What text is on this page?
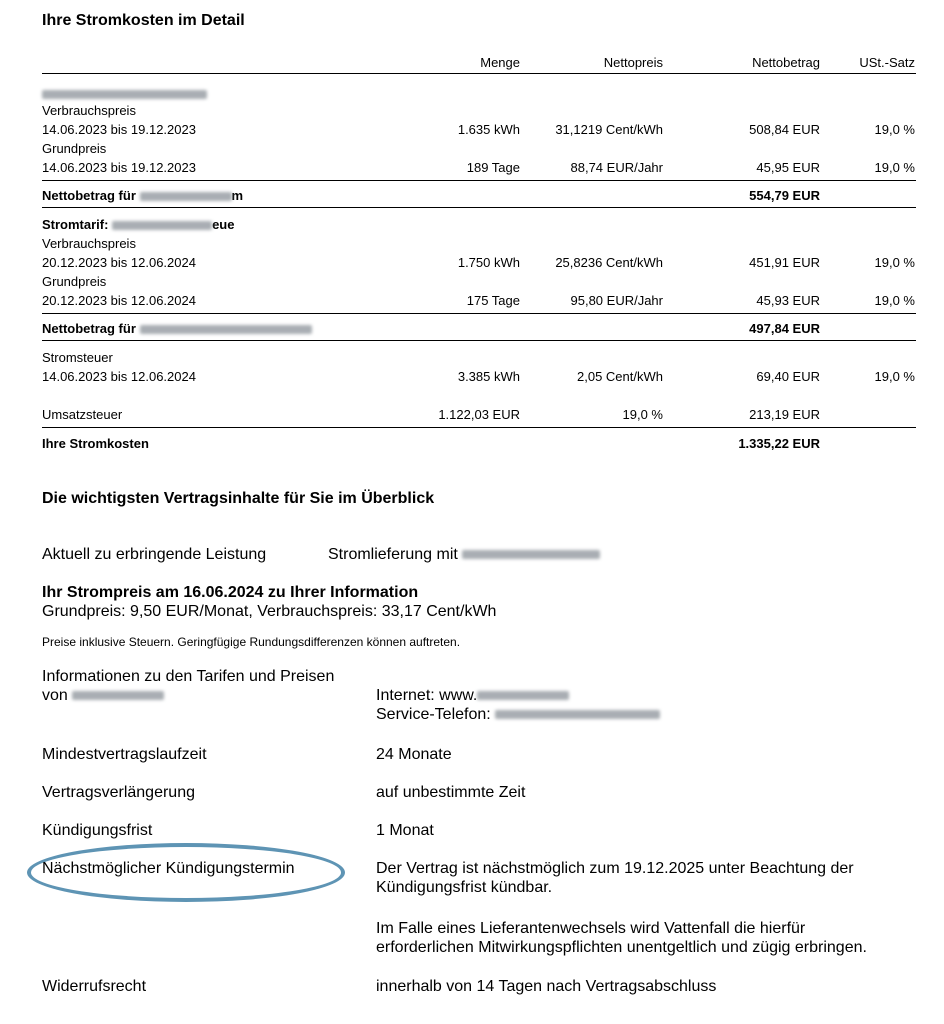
Ihre Stromkosten im Detail
Menge	Nettopreis	Nettobetrag	USt.-Satz
Verbrauchspreis
14.06.2023 bis 19.12.2023	1.635 kWh	31,1219 Cent/kWh	508,84 EUR	19,0 %
Grundpreis
14.06.2023 bis 19.12.2023	189 Tage	88,74 EUR/Jahr	45,95 EUR	19,0 %
Nettobetrag für	m	554,79 EUR
Stromtarif:	eue
Verbrauchspreis
20.12.2023 bis 12.06.2024	1.750 kWh	25,8236 Cent/kWh	451,91 EUR	19,0 %
Grundpreis
20.12.2023 bis 12.06.2024	175 Tage	95,80 EUR/Jahr	45,93 EUR	19,0 %
Nettobetrag für	497,84 EUR
Stromsteuer
14.06.2023 bis 12.06.2024	3.385 kWh	2,05 Cent/kWh	69,40 EUR	19,0 %
Umsatzsteuer	1.122,03 EUR	19,0 %	213,19 EUR
Ihre Stromkosten	1.335,22 EUR
Die wichtigsten Vertragsinhalte für Sie im Überblick
Aktuell zu erbringende Leistung	Stromlieferung mit
Ihr Strompreis am 16.06.2024 zu Ihrer Information
Grundpreis: 9,50 EUR/Monat, Verbrauchspreis: 33,17 Cent/kWh
Preise inklusive Steuern. Geringfügige Rundungsdifferenzen können auftreten.
Informationen zu den Tarifen und Preisen
von	Internet: www.
Service-Telefon:
Mindestvertragslaufzeit	24 Monate
Vertragsverlängerung	auf unbestimmte Zeit
Kündigungsfrist	1 Monat
Nächstmöglicher Kündigungstermin	Der Vertrag ist nächstmöglich zum 19.12.2025 unter Beachtung der
Kündigungsfrist kündbar.
Im Falle eines Lieferantenwechsels wird Vattenfall die hierfür
erforderlichen Mitwirkungspflichten unentgeltlich und zügig erbringen.
Widerrufsrecht	innerhalb von 14 Tagen nach Vertragsabschluss
